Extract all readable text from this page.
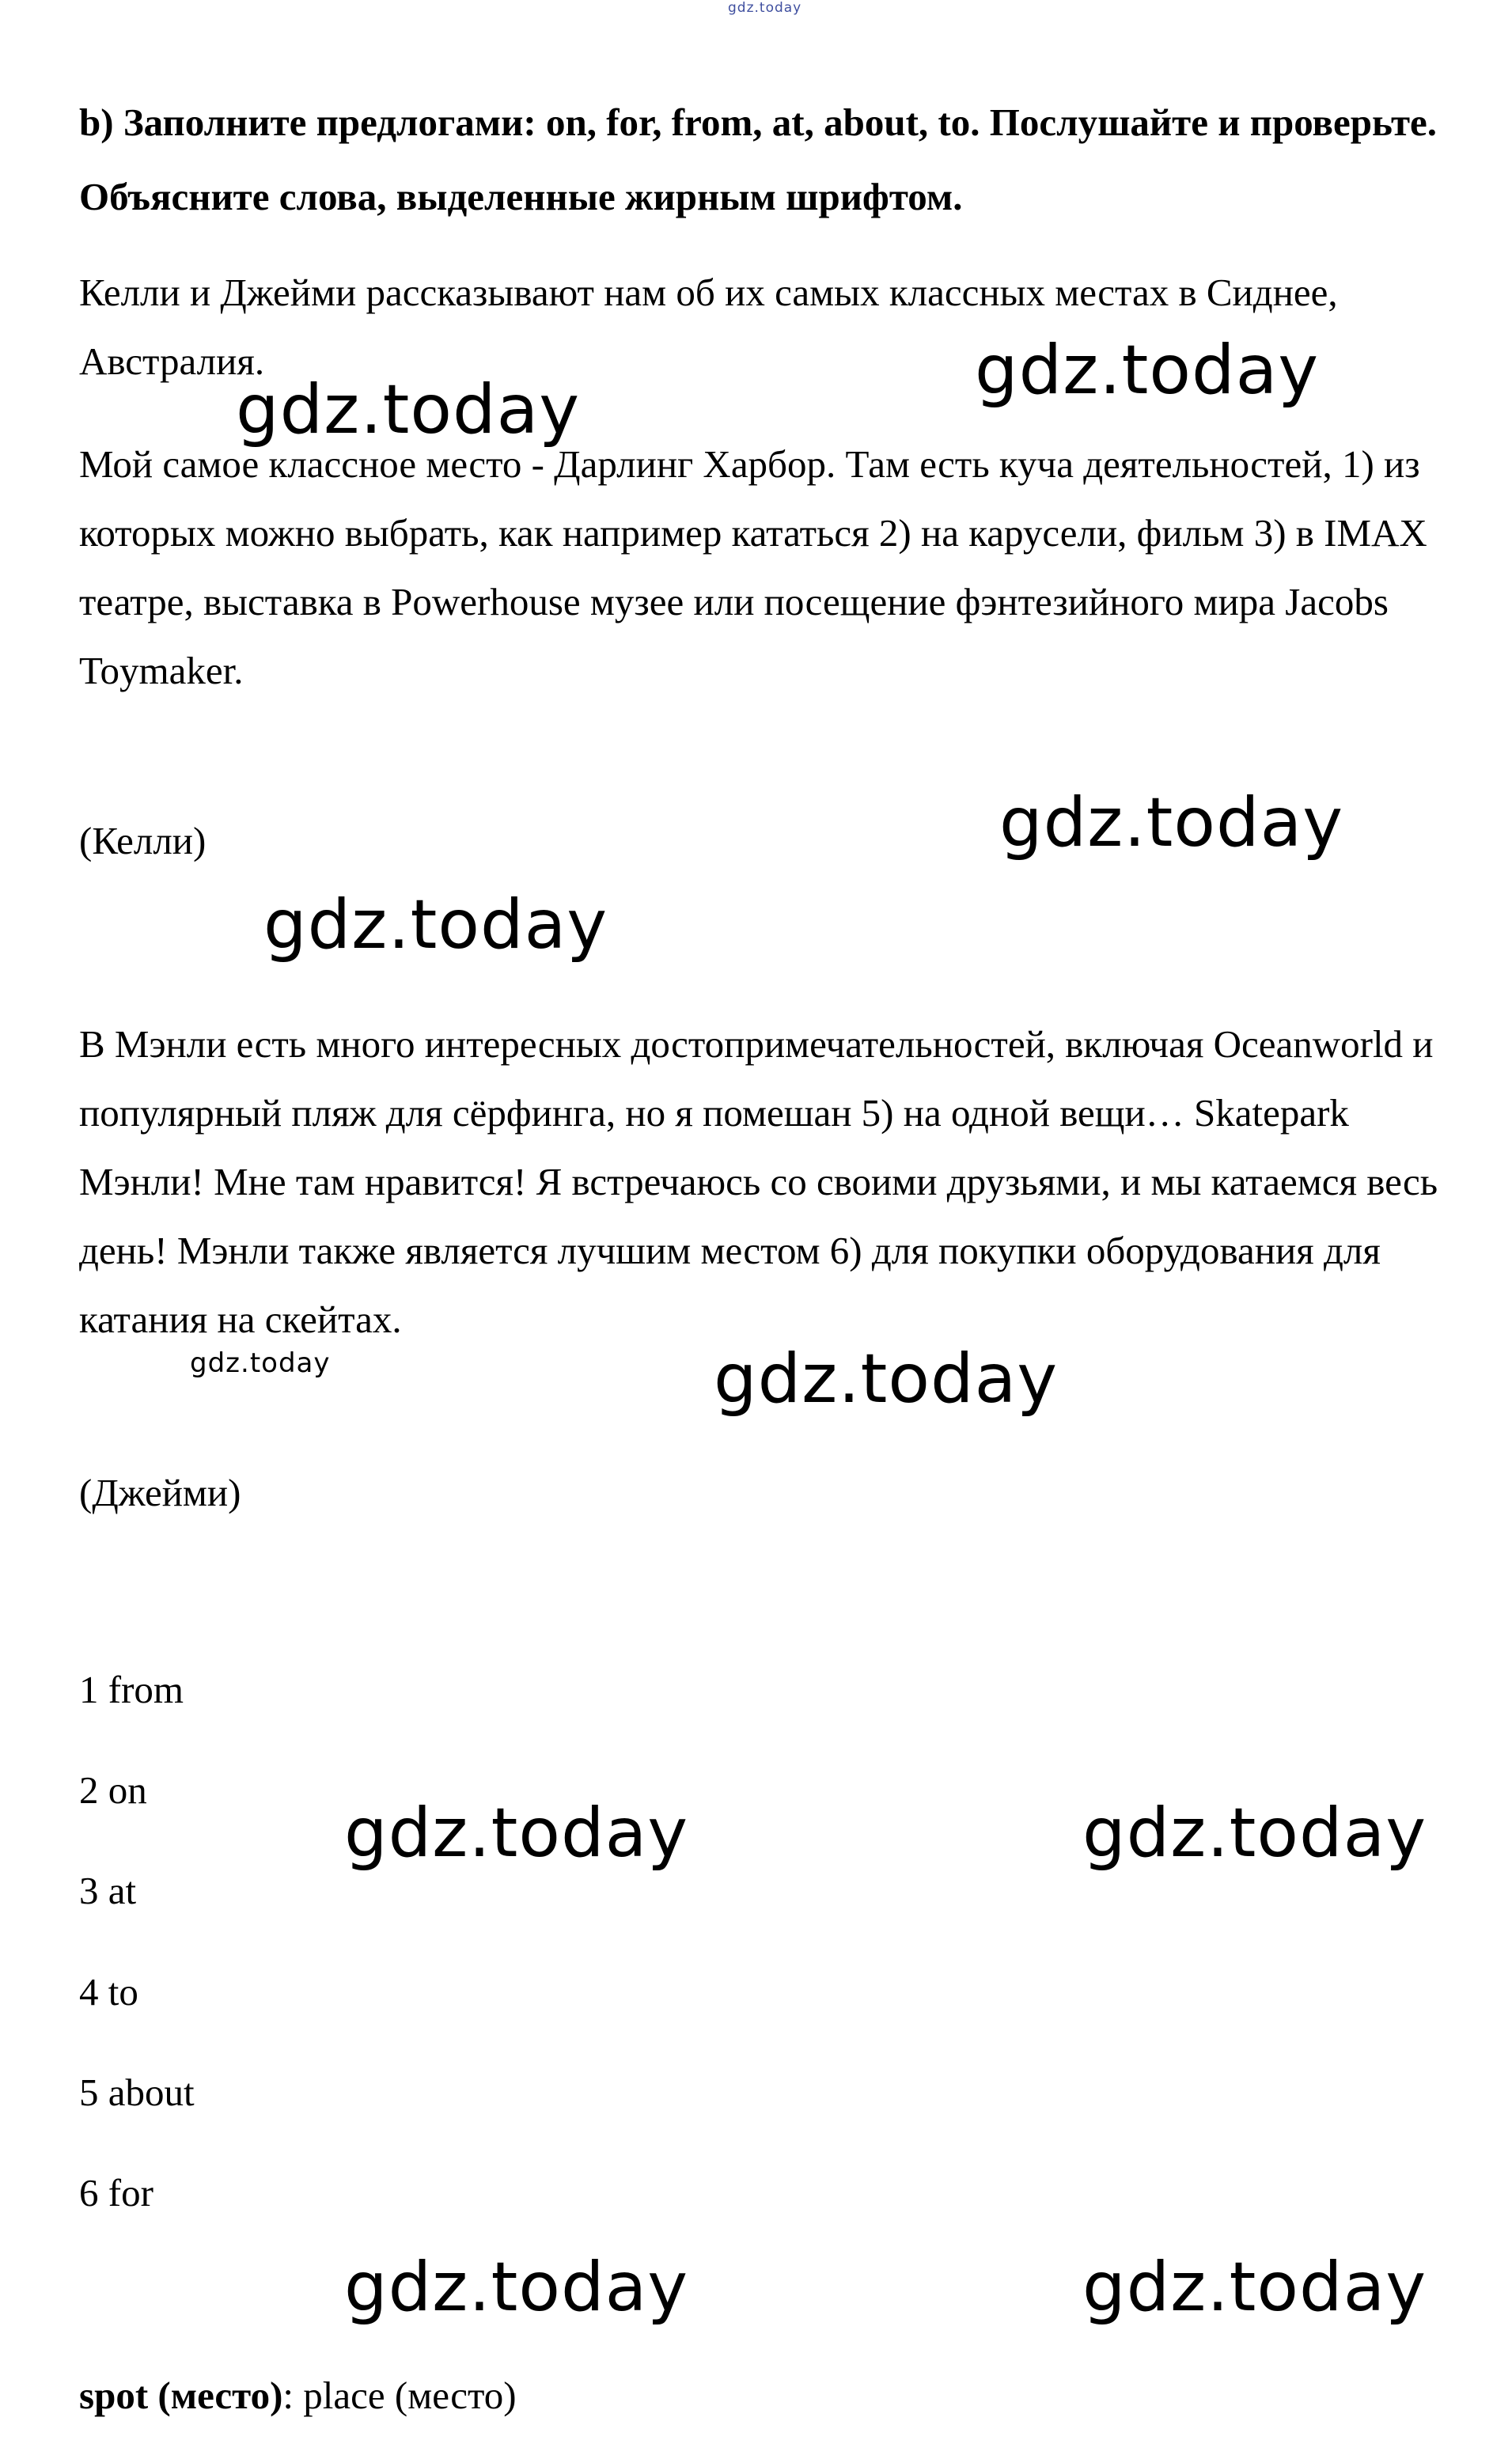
gdz.today
b) Заполните предлогами: on, for, from, at, about, to. Послушайте и проверьте. Объясните слова, выделенные жирным шрифтом.
Келли и Джейми рассказывают нам об их самых классных местах в Сиднее, Австралия.
Мой самое классное место - Дарлинг Харбор. Там есть куча деятельностей, 1) из которых можно выбрать, как например кататься 2) на карусели, фильм 3) в IMAX театре, выставка в Powerhouse музее или посещение фэнтезийного мира Jacobs Toymaker.
(Келли)
В Мэнли есть много интересных достопримечательностей, включая Oceanworld и популярный пляж для сёрфинга, но я помешан 5) на одной вещи… Skatepark Мэнли! Мне там нравится! Я встречаюсь со своими друзьями, и мы катаемся весь день! Мэнли также является лучшим местом 6) для покупки оборудования для катания на скейтах.
(Джейми)
1 from
2 on
3 at
4 to
5 about
6 for
spot (место): place (место)
gdz.today
gdz.today
gdz.today
gdz.today
gdz.today	gdz.today
gdz.today	gdz.today
gdz.today	gdz.today
